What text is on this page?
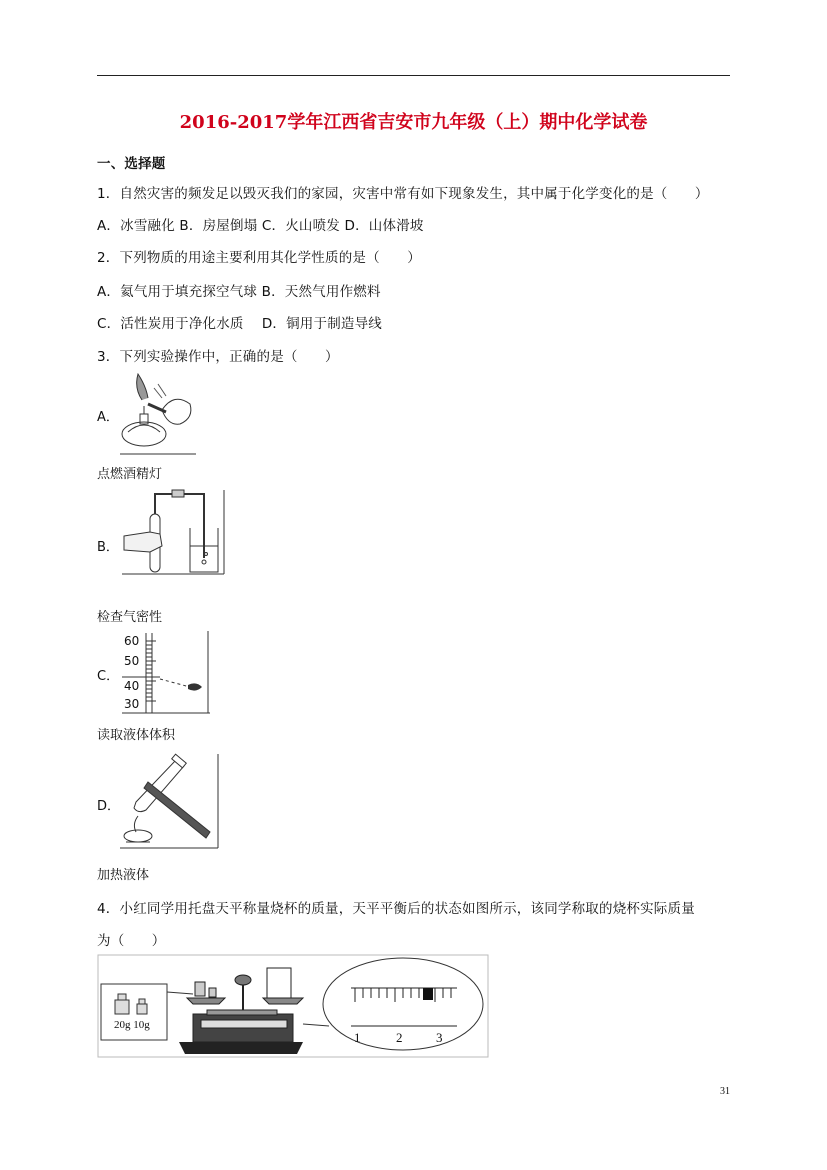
2016-2017学年江西省吉安市九年级（上）期中化学试卷
一、选择题
1．自然灾害的频发足以毁灭我们的家园，灾害中常有如下现象发生，其中属于化学变化的是（　　）
A．冰雪融化 B．房屋倒塌 C．火山喷发 D．山体滑坡
2．下列物质的用途主要利用其化学性质的是（　　）
A．氦气用于填充探空气球 B．天然气用作燃料
C．活性炭用于净化水质　 D．铜用于制造导线
3．下列实验操作中，正确的是（　　）
A．
点燃酒精灯
B．
检查气密性
C．
60
50
40
30
读取液体体积
D．
加热液体
4．小红同学用托盘天平称量烧杯的质量，天平平衡后的状态如图所示，该同学称取的烧杯实际质量
为（　　）
20g 10g
1	2	3
31
